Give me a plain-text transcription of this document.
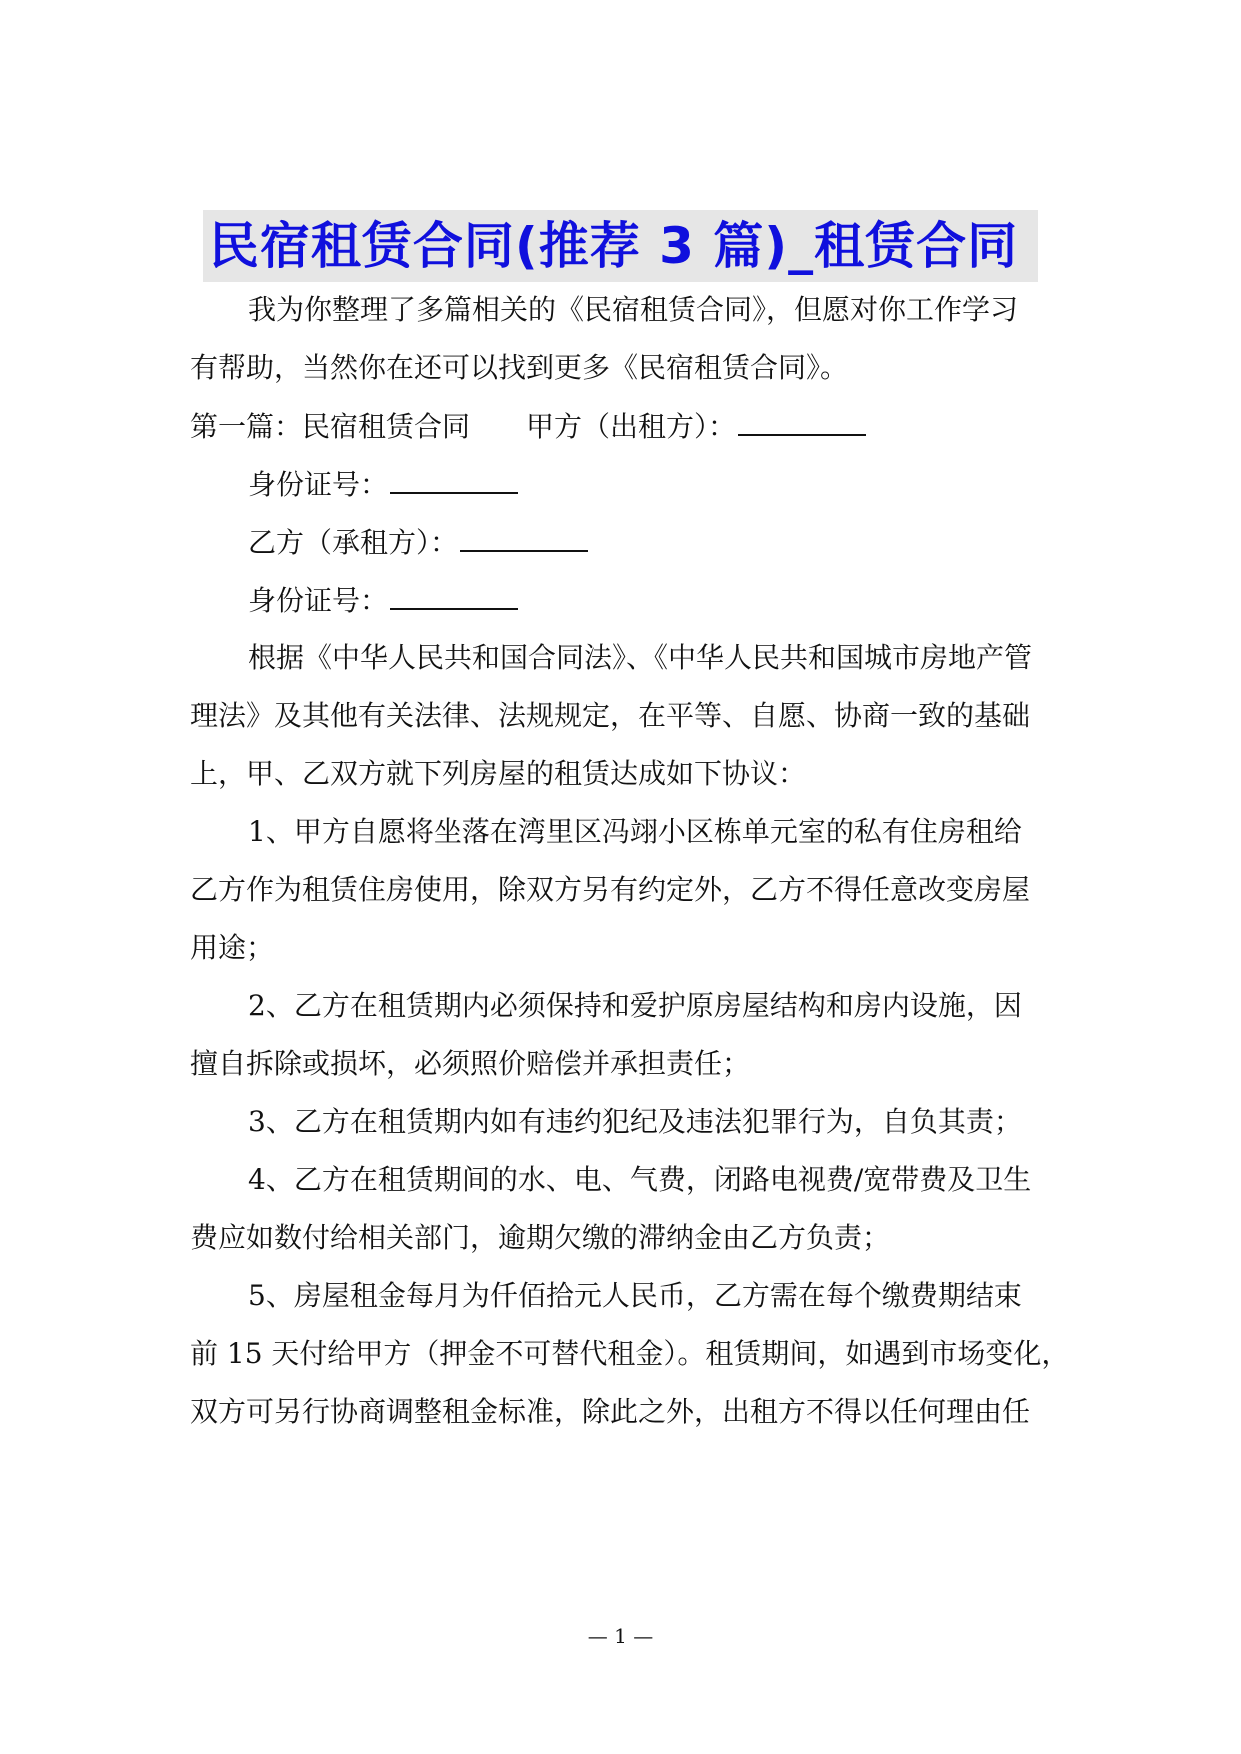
民宿租赁合同(推荐 3 篇)_租赁合同
我为你整理了多篇相关的《民宿租赁合同》，但愿对你工作学习
有帮助，当然你在还可以找到更多《民宿租赁合同》。
第一篇：民宿租赁合同 甲方（出租方）：
身份证号：
乙方（承租方）：
身份证号：
根据《中华人民共和国合同法》、《中华人民共和国城市房地产管
理法》及其他有关法律、法规规定，在平等、自愿、协商一致的基础
上，甲、乙双方就下列房屋的租赁达成如下协议：
1、甲方自愿将坐落在湾里区冯翊小区栋单元室的私有住房租给
乙方作为租赁住房使用，除双方另有约定外，乙方不得任意改变房屋
用途；
2、乙方在租赁期内必须保持和爱护原房屋结构和房内设施，因
擅自拆除或损坏，必须照价赔偿并承担责任；
3、乙方在租赁期内如有违约犯纪及违法犯罪行为，自负其责；
4、乙方在租赁期间的水、电、气费，闭路电视费/宽带费及卫生
费应如数付给相关部门，逾期欠缴的滞纳金由乙方负责；
5、房屋租金每月为仟佰拾元人民币，乙方需在每个缴费期结束
前 15 天付给甲方（押金不可替代租金）。租赁期间，如遇到市场变化，
双方可另行协商调整租金标准，除此之外，出租方不得以任何理由任
— 1 —
